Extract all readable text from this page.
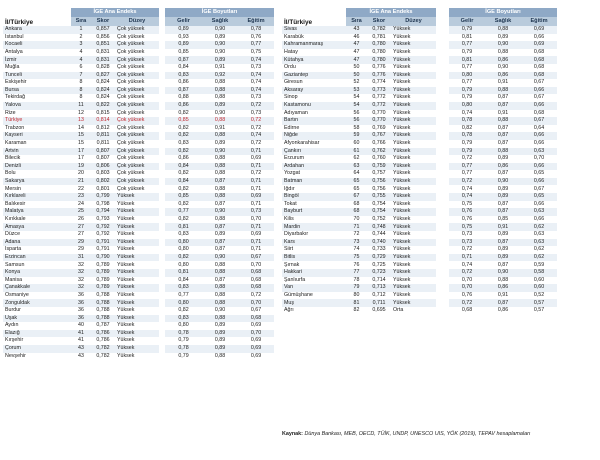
İl/Türkiye	İGE Ana Endeks				İGE Boyutları		
	Sıra	Skor	Düzey		Gelir	Sağlık	Eğitim
Ankara	1	0,857	Çok yüksek		0,89	0,90	0,78
İstanbul	2	0,856	Çok yüksek		0,93	0,89	0,76
Kocaeli	3	0,851	Çok yüksek		0,89	0,90	0,77
Antalya	4	0,831	Çok yüksek		0,85	0,90	0,75
İzmir	4	0,831	Çok yüksek		0,87	0,89	0,74
Muğla	6	0,828	Çok yüksek		0,84	0,91	0,73
Tunceli	7	0,827	Çok yüksek		0,83	0,92	0,74
Eskişehir	8	0,824	Çok yüksek		0,86	0,88	0,74
Bursa	8	0,824	Çok yüksek		0,87	0,88	0,74
Tekirdağ	8	0,824	Çok yüksek		0,88	0,88	0,73
Yalova	11	0,822	Çok yüksek		0,86	0,89	0,72
Rize	12	0,815	Çok yüksek		0,82	0,90	0,73
Türkiye	13	0,814	Çok yüksek		0,85	0,88	0,72
Trabzon	14	0,812	Çok yüksek		0,82	0,91	0,72
Kayseri	15	0,811	Çok yüksek		0,82	0,88	0,74
Karaman	15	0,811	Çok yüksek		0,83	0,89	0,72
Artvin	17	0,807	Çok yüksek		0,82	0,90	0,71
Bilecik	17	0,807	Çok yüksek		0,86	0,88	0,69
Denizli	19	0,806	Çok yüksek		0,84	0,88	0,71
Bolu	20	0,803	Çok yüksek		0,82	0,88	0,72
Sakarya	21	0,802	Çok yüksek		0,84	0,87	0,71
Mersin	22	0,801	Çok yüksek		0,82	0,88	0,71
Kırklareli	23	0,799	Yüksek		0,85	0,88	0,69
Balıkesir	24	0,798	Yüksek		0,82	0,87	0,71
Malatya	25	0,794	Yüksek		0,77	0,90	0,73
Kırıkkale	26	0,793	Yüksek		0,82	0,88	0,70
Amasya	27	0,792	Yüksek		0,81	0,87	0,71
Düzce	27	0,792	Yüksek		0,83	0,89	0,69
Adana	29	0,791	Yüksek		0,80	0,87	0,71
Isparta	29	0,791	Yüksek		0,80	0,87	0,71
Erzincan	31	0,790	Yüksek		0,82	0,90	0,67
Samsun	32	0,789	Yüksek		0,80	0,88	0,70
Konya	32	0,789	Yüksek		0,81	0,88	0,68
Manisa	32	0,789	Yüksek		0,84	0,87	0,68
Çanakkale	32	0,789	Yüksek		0,83	0,88	0,68
Osmaniye	36	0,788	Yüksek		0,77	0,88	0,72
Zonguldak	36	0,788	Yüksek		0,80	0,88	0,70
Burdur	36	0,788	Yüksek		0,82	0,90	0,67
Uşak	36	0,788	Yüksek		0,83	0,88	0,68
Aydın	40	0,787	Yüksek		0,80	0,89	0,69
Elazığ	41	0,786	Yüksek		0,78	0,89	0,70
Kırşehir	41	0,786	Yüksek		0,79	0,89	0,69
Çorum	43	0,782	Yüksek		0,78	0,89	0,69
Nevşehir	43	0,782	Yüksek		0,79	0,88	0,69
İl/Türkiye	İGE Ana Endeks				İGE Boyutları		
	Sıra	Skor	Düzey		Gelir	Sağlık	Eğitim
Sivas	43	0,782	Yüksek		0,79	0,88	0,69
Karabük	46	0,781	Yüksek		0,81	0,89	0,66
Kahramanmaraş	47	0,780	Yüksek		0,77	0,90	0,69
Hatay	47	0,780	Yüksek		0,79	0,88	0,68
Kütahya	47	0,780	Yüksek		0,81	0,86	0,68
Ordu	50	0,776	Yüksek		0,77	0,90	0,68
Gaziantep	50	0,776	Yüksek		0,80	0,86	0,68
Giresun	52	0,774	Yüksek		0,77	0,91	0,67
Aksaray	53	0,773	Yüksek		0,79	0,88	0,66
Sinop	54	0,772	Yüksek		0,79	0,87	0,67
Kastamonu	54	0,772	Yüksek		0,80	0,87	0,66
Adıyaman	56	0,770	Yüksek		0,74	0,91	0,68
Bartın	56	0,770	Yüksek		0,78	0,88	0,67
Edirne	58	0,769	Yüksek		0,82	0,87	0,64
Niğde	59	0,767	Yüksek		0,78	0,87	0,66
Afyonkarahisar	60	0,766	Yüksek		0,79	0,87	0,66
Çankırı	61	0,762	Yüksek		0,79	0,88	0,63
Erzurum	62	0,760	Yüksek		0,72	0,89	0,70
Ardahan	63	0,759	Yüksek		0,77	0,86	0,66
Yozgat	64	0,757	Yüksek		0,77	0,87	0,65
Batman	65	0,756	Yüksek		0,72	0,90	0,66
Iğdır	65	0,756	Yüksek		0,74	0,89	0,67
Bingöl	67	0,755	Yüksek		0,74	0,89	0,65
Tokat	68	0,754	Yüksek		0,75	0,87	0,66
Bayburt	68	0,754	Yüksek		0,76	0,87	0,63
Kilis	70	0,752	Yüksek		0,76	0,85	0,66
Mardin	71	0,748	Yüksek		0,75	0,91	0,62
Diyarbakır	72	0,744	Yüksek		0,73	0,89	0,63
Kars	73	0,740	Yüksek		0,73	0,87	0,63
Siirt	74	0,733	Yüksek		0,72	0,89	0,62
Bitlis	75	0,729	Yüksek		0,71	0,89	0,62
Şırnak	76	0,725	Yüksek		0,74	0,87	0,59
Hakkari	77	0,723	Yüksek		0,72	0,90	0,58
Şanlıurfa	78	0,714	Yüksek		0,70	0,88	0,60
Van	79	0,713	Yüksek		0,70	0,86	0,60
Gümüşhane	80	0,712	Yüksek		0,76	0,91	0,52
Muş	81	0,711	Yüksek		0,72	0,87	0,57
Ağrı	82	0,695	Orta		0,68	0,86	0,57
Kaynak: Dünya Bankası, MEB, OECD, TÜİK, UNDP, UNESCO UIS, YÖK (2019), TEPAV hesaplamaları
